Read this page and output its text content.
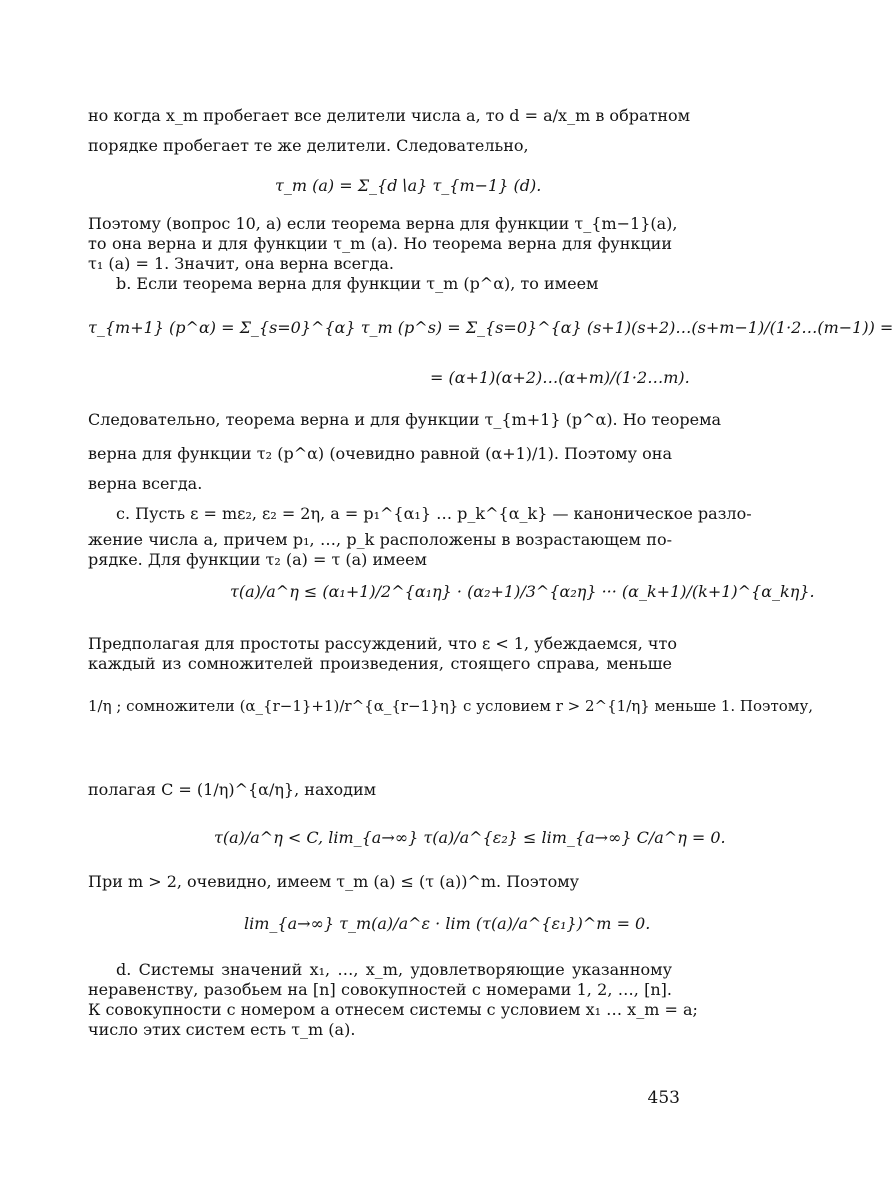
но когда x_m пробегает все делители числа a, то d = a/x_m в обратном
порядке пробегает те же делители. Следовательно,
τ_m (a) = Σ_{d∖a} τ_{m−1} (d).
Поэтому (вопрос 10, a) если теорема верна для функции τ_{m−1}(a),
то она верна и для функции τ_m (a). Но теорема верна для функции
τ₁ (a) = 1. Значит, она верна всегда.
b. Если теорема верна для функции τ_m (p^α), то имеем
τ_{m+1} (p^α) = Σ_{s=0}^{α} τ_m (p^s) = Σ_{s=0}^{α} (s+1)(s+2)…(s+m−1)/(1·2…(m−1)) =
= (α+1)(α+2)…(α+m)/(1·2…m).
Следовательно, теорема верна и для функции τ_{m+1} (p^α). Но теорема
верна для функции τ₂ (p^α) (очевидно равной (α+1)/1). Поэтому она
верна всегда.
c. Пусть ε = mε₂, ε₂ = 2η, a = p₁^{α₁} … p_k^{α_k} — каноническое разло-
жение числа a, причем p₁, …, p_k расположены в возрастающем по-
рядке. Для функции τ₂ (a) = τ (a) имеем
τ(a)/a^η ≤ (α₁+1)/2^{α₁η} · (α₂+1)/3^{α₂η} ··· (α_k+1)/(k+1)^{α_kη}.
Предполагая для простоты рассуждений, что ε < 1, убеждаемся, что
каждый из сомножителей произведения, стоящего справа, меньше
1/η ; сомножители (α_{r−1}+1)/r^{α_{r−1}η} с условием r > 2^{1/η} меньше 1. Поэтому,
полагая C = (1/η)^{α/η}, находим
τ(a)/a^η < C, lim_{a→∞} τ(a)/a^{ε₂} ≤ lim_{a→∞} C/a^η = 0.
При m > 2, очевидно, имеем τ_m (a) ≤ (τ (a))^m. Поэтому
lim_{a→∞} τ_m(a)/a^ε · lim (τ(a)/a^{ε₁})^m = 0.
d. Системы значений x₁, …, x_m, удовлетворяющие указанному
неравенству, разобьем на [n] совокупностей с номерами 1, 2, …, [n].
К совокупности с номером a отнесем системы с условием x₁ … x_m = a;
число этих систем есть τ_m (a).
453
